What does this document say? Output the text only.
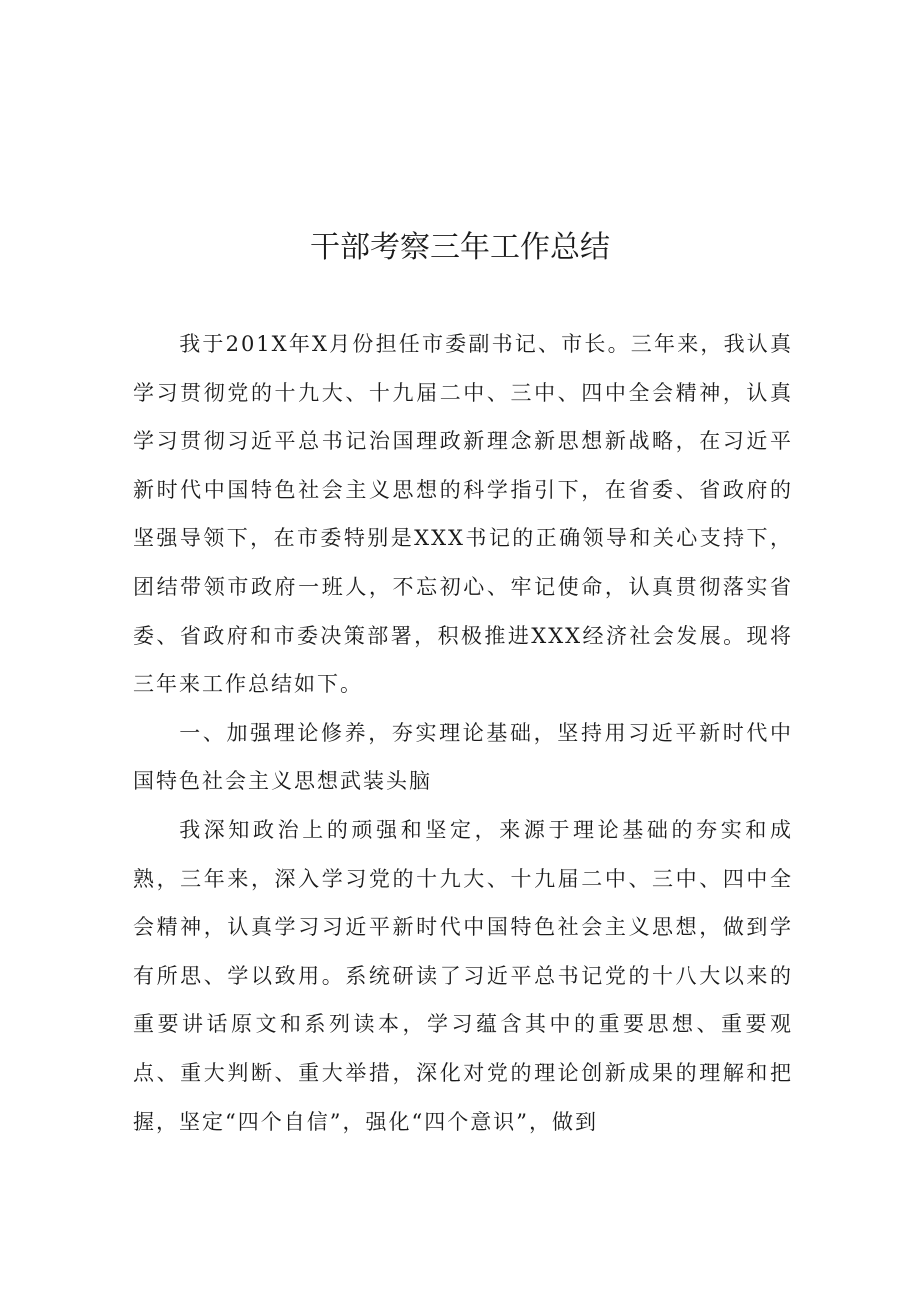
干部考察三年工作总结

我于201X年X月份担任市委副书记、市长。三年来，我认真学习贯彻党的十九大、十九届二中、三中、四中全会精神，认真学习贯彻习近平总书记治国理政新理念新思想新战略，在习近平新时代中国特色社会主义思想的科学指引下，在省委、省政府的坚强导领下，在市委特别是XXX书记的正确领导和关心支持下，团结带领市政府一班人，不忘初心、牢记使命，认真贯彻落实省委、省政府和市委决策部署，积极推进XXX经济社会发展。现将三年来工作总结如下。

一、加强理论修养，夯实理论基础，坚持用习近平新时代中国特色社会主义思想武装头脑

我深知政治上的顽强和坚定，来源于理论基础的夯实和成熟，三年来，深入学习党的十九大、十九届二中、三中、四中全会精神，认真学习习近平新时代中国特色社会主义思想，做到学有所思、学以致用。系统研读了习近平总书记党的十八大以来的重要讲话原文和系列读本，学习蕴含其中的重要思想、重要观点、重大判断、重大举措，深化对党的理论创新成果的理解和把握，坚定“四个自信”，强化“四个意识”，做到
